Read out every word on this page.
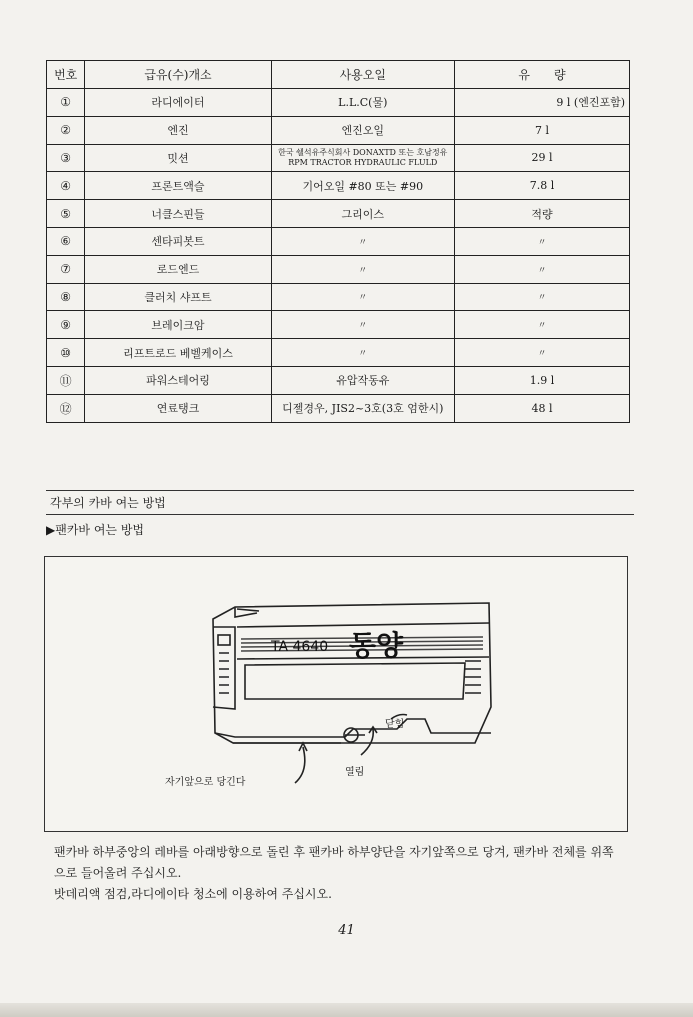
번호	급유(수)개소	사용오일	유　　량
①	라디에이터	L.L.C(물)	9 l (엔진포함)
②	엔진	엔진오일	7 l
③	밋션	한국 쉘석유주식회사 DONAXTD 또는 호남정유
RPM TRACTOR HYDRAULIC FLULD	29 l
④	프론트액슬	기어오일 #80 또는 #90	7.8 l
⑤	너클스핀들	그리이스	적량
⑥	센타피봇트	〃	〃
⑦	로드엔드	〃	〃
⑧	클러치 샤프트	〃	〃
⑨	브레이크암	〃	〃
⑩	리프트로드 베벨케이스	〃	〃
⑪	파워스테어링	유압작동유	1.9 l
⑫	연료탱크	디젤경우, JIS2~3호(3호 엄한시)	48 l
각부의 카바 여는 방법
▶팬카바 여는 방법
TA 4640 동양
닫힘
열림
자기앞으로 당긴다
팬카바 하부중앙의 레바를 아래방향으로 돌린 후 팬카바 하부양단을 자기앞쪽으로 당겨, 팬카바 전체를 위쪽으로 들어올려 주십시오.
밧데리액 점검,라디에이타 청소에 이용하여 주십시오.
41
